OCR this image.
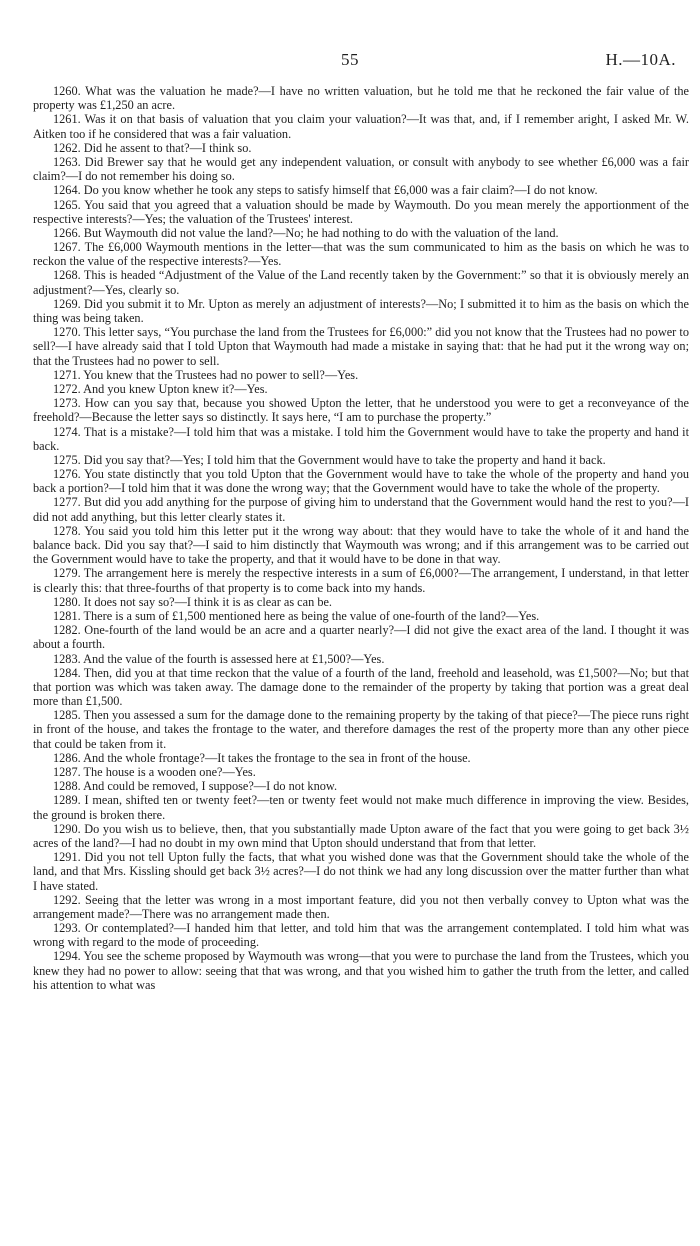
55	H.—10A.

1260. What was the valuation he made?—I have no written valuation, but he told me that he reckoned the fair value of the property was £1,250 an acre.

1261. Was it on that basis of valuation that you claim your valuation?—It was that, and, if I remember aright, I asked Mr. W. Aitken too if he considered that was a fair valuation.

1262. Did he assent to that?—I think so.

1263. Did Brewer say that he would get any independent valuation, or consult with anybody to see whether £6,000 was a fair claim?—I do not remember his doing so.

1264. Do you know whether he took any steps to satisfy himself that £6,000 was a fair claim?—I do not know.

1265. You said that you agreed that a valuation should be made by Waymouth. Do you mean merely the apportionment of the respective interests?—Yes; the valuation of the Trustees' interest.

1266. But Waymouth did not value the land?—No; he had nothing to do with the valuation of the land.

1267. The £6,000 Waymouth mentions in the letter—that was the sum communicated to him as the basis on which he was to reckon the value of the respective interests?—Yes.

1268. This is headed “Adjustment of the Value of the Land recently taken by the Government:” so that it is obviously merely an adjustment?—Yes, clearly so.

1269. Did you submit it to Mr. Upton as merely an adjustment of interests?—No; I submitted it to him as the basis on which the thing was being taken.

1270. This letter says, “You purchase the land from the Trustees for £6,000:” did you not know that the Trustees had no power to sell?—I have already said that I told Upton that Waymouth had made a mistake in saying that: that he had put it the wrong way on; that the Trustees had no power to sell.

1271. You knew that the Trustees had no power to sell?—Yes.

1272. And you knew Upton knew it?—Yes.

1273. How can you say that, because you showed Upton the letter, that he understood you were to get a reconveyance of the freehold?—Because the letter says so distinctly. It says here, “I am to purchase the property.”

1274. That is a mistake?—I told him that was a mistake. I told him the Government would have to take the property and hand it back.

1275. Did you say that?—Yes; I told him that the Government would have to take the property and hand it back.

1276. You state distinctly that you told Upton that the Government would have to take the whole of the property and hand you back a portion?—I told him that it was done the wrong way; that the Government would have to take the whole of the property.

1277. But did you add anything for the purpose of giving him to understand that the Government would hand the rest to you?—I did not add anything, but this letter clearly states it.

1278. You said you told him this letter put it the wrong way about: that they would have to take the whole of it and hand the balance back. Did you say that?—I said to him distinctly that Waymouth was wrong; and if this arrangement was to be carried out the Government would have to take the property, and that it would have to be done in that way.

1279. The arrangement here is merely the respective interests in a sum of £6,000?—The arrangement, I understand, in that letter is clearly this: that three-fourths of that property is to come back into my hands.

1280. It does not say so?—I think it is as clear as can be.

1281. There is a sum of £1,500 mentioned here as being the value of one-fourth of the land?—Yes.

1282. One-fourth of the land would be an acre and a quarter nearly?—I did not give the exact area of the land. I thought it was about a fourth.

1283. And the value of the fourth is assessed here at £1,500?—Yes.

1284. Then, did you at that time reckon that the value of a fourth of the land, freehold and leasehold, was £1,500?—No; but that that portion was which was taken away. The damage done to the remainder of the property by taking that portion was a great deal more than £1,500.

1285. Then you assessed a sum for the damage done to the remaining property by the taking of that piece?—The piece runs right in front of the house, and takes the frontage to the water, and therefore damages the rest of the property more than any other piece that could be taken from it.

1286. And the whole frontage?—It takes the frontage to the sea in front of the house.

1287. The house is a wooden one?—Yes.

1288. And could be removed, I suppose?—I do not know.

1289. I mean, shifted ten or twenty feet?—ten or twenty feet would not make much difference in improving the view. Besides, the ground is broken there.

1290. Do you wish us to believe, then, that you substantially made Upton aware of the fact that you were going to get back 3½ acres of the land?—I had no doubt in my own mind that Upton should understand that from that letter.

1291. Did you not tell Upton fully the facts, that what you wished done was that the Government should take the whole of the land, and that Mrs. Kissling should get back 3½ acres?—I do not think we had any long discussion over the matter further than what I have stated.

1292. Seeing that the letter was wrong in a most important feature, did you not then verbally convey to Upton what was the arrangement made?—There was no arrangement made then.

1293. Or contemplated?—I handed him that letter, and told him that was the arrangement contemplated. I told him what was wrong with regard to the mode of proceeding.

1294. You see the scheme proposed by Waymouth was wrong—that you were to purchase the land from the Trustees, which you knew they had no power to allow: seeing that that was wrong, and that you wished him to gather the truth from the letter, and called his attention to what was
